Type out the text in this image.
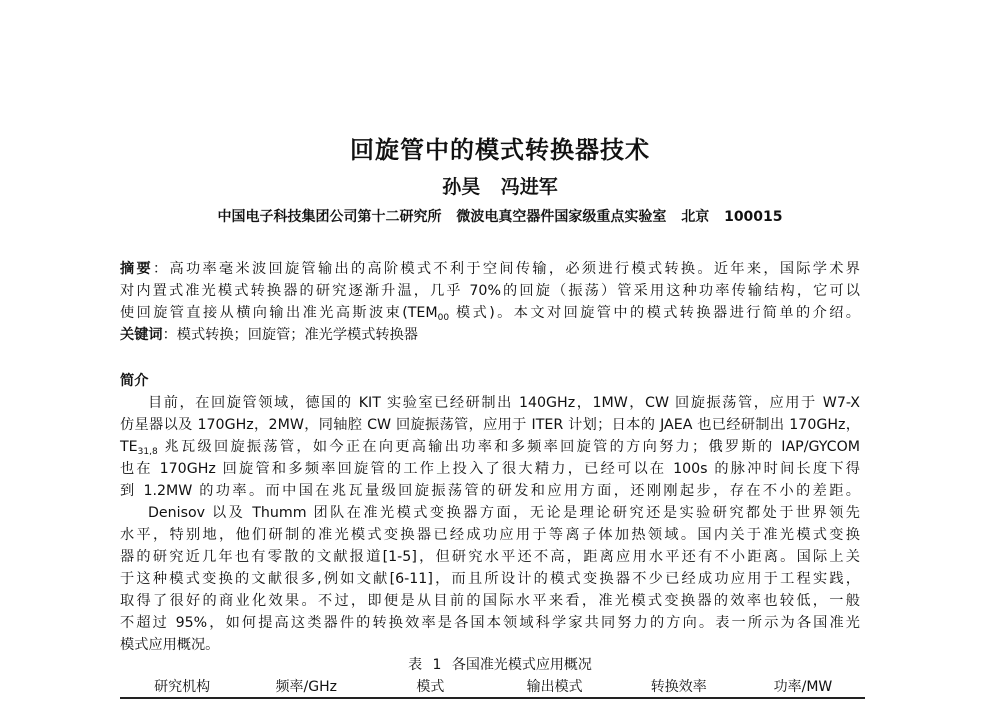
回旋管中的模式转换器技术
孙昊 冯进军
中国电子科技集团公司第十二研究所 微波电真空器件国家级重点实验室 北京 100015
摘要：高功率毫米波回旋管输出的高阶模式不利于空间传输，必须进行模式转换。近年来，国际学术界
对内置式准光模式转换器的研究逐渐升温，几乎 70%的回旋（振荡）管采用这种功率传输结构，它可以
使回旋管直接从横向输出准光高斯波束($TEM_{00}$ 模式)。本文对回旋管中的模式转换器进行简单的介绍。
关键词：模式转换；回旋管；准光学模式转换器
简介
目前，在回旋管领域，德国的 KIT 实验室已经研制出 140GHz，1MW，CW 回旋振荡管，应用于 W7-X
仿星器以及 170GHz，2MW，同轴腔 CW 回旋振荡管，应用于 ITER 计划；日本的 JAEA 也已经研制出 170GHz，
$TE_{31,8}$ 兆瓦级回旋振荡管，如今正在向更高输出功率和多频率回旋管的方向努力；俄罗斯的 IAP/GYCOM
也在 170GHz 回旋管和多频率回旋管的工作上投入了很大精力，已经可以在 100s 的脉冲时间长度下得
到 1.2MW 的功率。而中国在兆瓦量级回旋振荡管的研发和应用方面，还刚刚起步，存在不小的差距。
Denisov 以及 Thumm 团队在准光模式变换器方面，无论是理论研究还是实验研究都处于世界领先
水平，特别地，他们研制的准光模式变换器已经成功应用于等离子体加热领域。国内关于准光模式变换
器的研究近几年也有零散的文献报道[1-5]，但研究水平还不高，距离应用水平还有不小距离。国际上关
于这种模式变换的文献很多,例如文献[6-11]，而且所设计的模式变换器不少已经成功应用于工程实践，
取得了很好的商业化效果。不过，即便是从目前的国际水平来看，准光模式变换器的效率也较低，一般
不超过 95%，如何提高这类器件的转换效率是各国本领域科学家共同努力的方向。表一所示为各国准光
模式应用概况。
表 1 各国准光模式应用概况
研究机构	频率/GHz	模式	输出模式	转换效率	功率/MW
